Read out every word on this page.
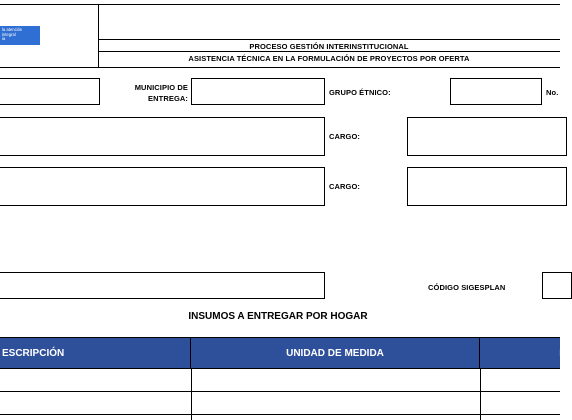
la atención
integral
ia
PROCESO GESTIÓN INTERINSTITUCIONAL
ASISTENCIA TÉCNICA EN LA FORMULACIÓN DE PROYECTOS POR OFERTA
MUNICIPIO DE
ENTREGA:
GRUPO ÉTNICO:	No.
CARGO:
CARGO:
CÓDIGO SIGESPLAN
INSUMOS A ENTREGAR POR HOGAR
ESCRIPCIÓN	UNIDAD DE MEDIDA	I
